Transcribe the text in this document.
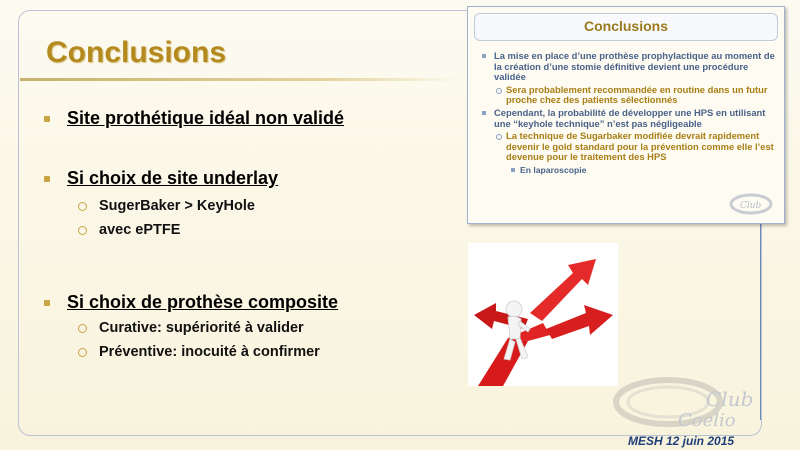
Conclusions
Site prothétique idéal non validé
Si choix de site underlay
SugerBaker > KeyHole
avec ePTFE
Si choix de prothèse composite
Curative: supériorité à valider
Préventive: inocuité à confirmer
Conclusions
La mise en place d’une prothèse prophylactique au moment de la création d’une stomie définitive devient une procédure validée
Sera probablement recommandée en routine dans un futur proche chez des patients sélectionnés
Cependant, la probabilité de développer une HPS en utilisant une “keyhole technique” n’est pas négligeable
La technique de Sugarbaker modifiée devrait rapidement devenir le gold standard pour la prévention comme elle l’est devenue pour le traitement des HPS
En laparoscopie
Club
Club
Coelio
MESH 12 juin 2015
